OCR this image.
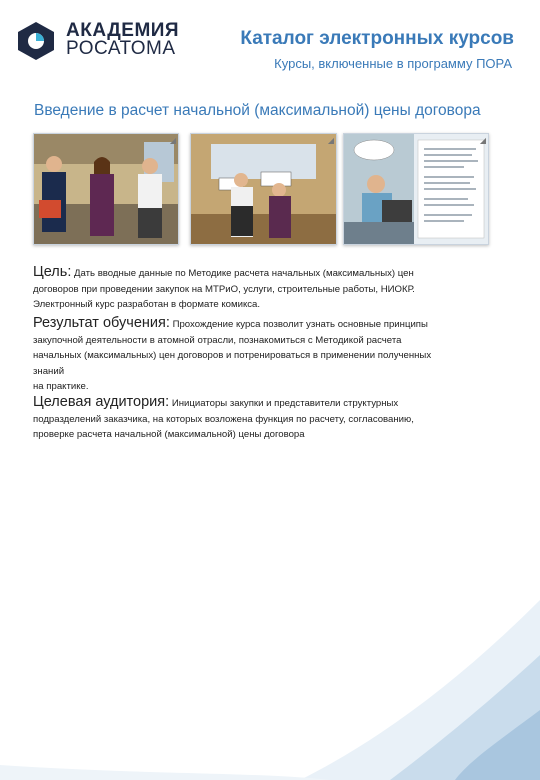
АКАДЕМИЯ
РОСАТОМА	Каталог электронных курсов
Курсы, включенные в программу ПОРА
Введение в расчет начальной (максимальной) цены договора
◢	◢	◢
Цель: Дать вводные данные по Методике расчета начальных (максимальных) цен
договоров при проведении закупок на МТРиО, услуги, строительные работы, НИОКР.
Электронный курс разработан в формате комикса.
Результат обучения: Прохождение курса позволит узнать основные принципы
закупочной деятельности в атомной отрасли, познакомиться с Методикой расчета
начальных (максимальных) цен договоров и потренироваться в применении полученных
знаний
на практике.
Целевая аудитория: Инициаторы закупки и представители структурных
подразделений заказчика, на которых возложена функция по расчету, согласованию,
проверке расчета начальной (максимальной) цены договора
